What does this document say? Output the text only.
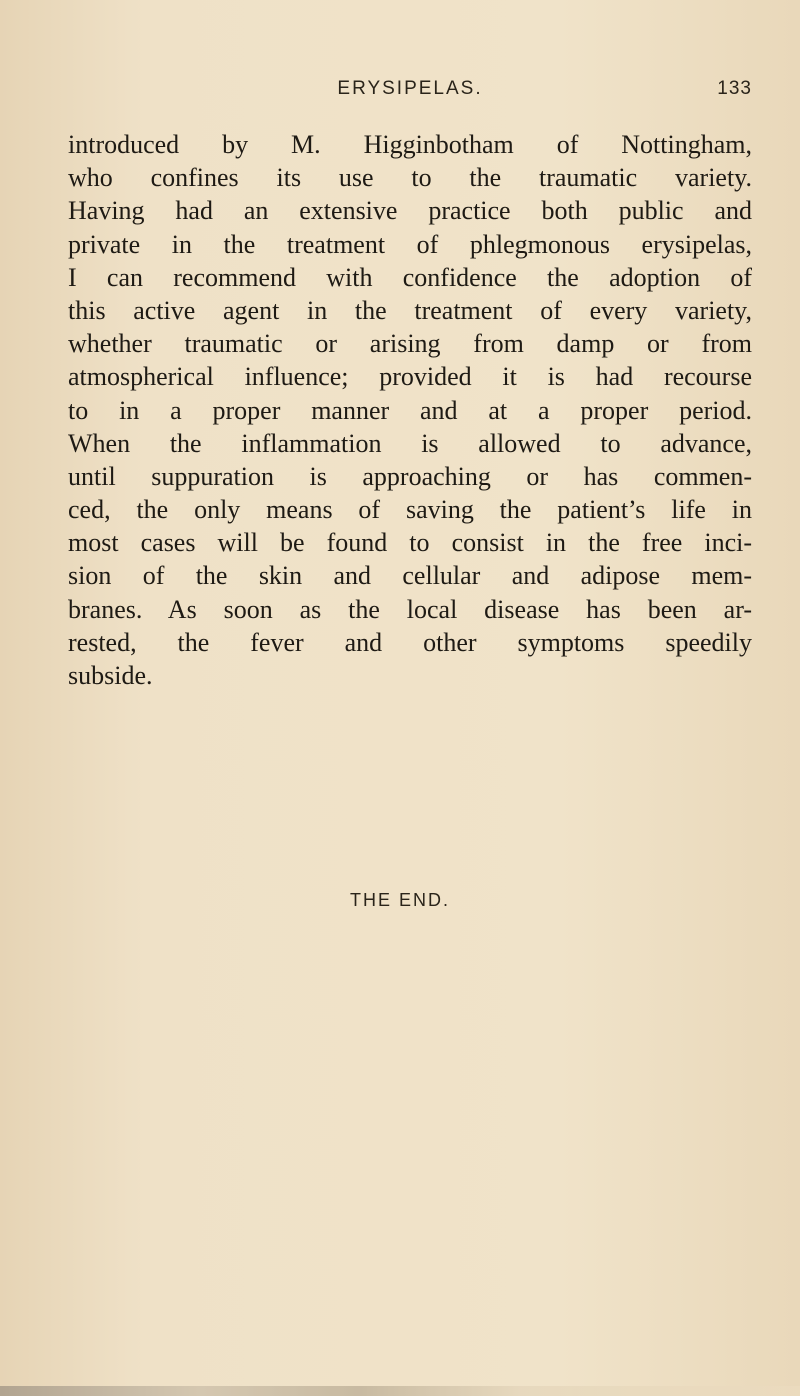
ERYSIPELAS.	133
introduced by M. Higginbotham of Nottingham,
who confines its use to the traumatic variety.
Having had an extensive practice both public and
private in the treatment of phlegmonous erysipelas,
I can recommend with confidence the adoption of
this active agent in the treatment of every variety,
whether traumatic or arising from damp or from
atmospherical influence; provided it is had recourse
to in a proper manner and at a proper period.
When the inflammation is allowed to advance,
until suppuration is approaching or has commen-
ced, the only means of saving the patient’s life in
most cases will be found to consist in the free inci-
sion of the skin and cellular and adipose mem-
branes. As soon as the local disease has been ar-
rested, the fever and other symptoms speedily
subside.
THE END.
